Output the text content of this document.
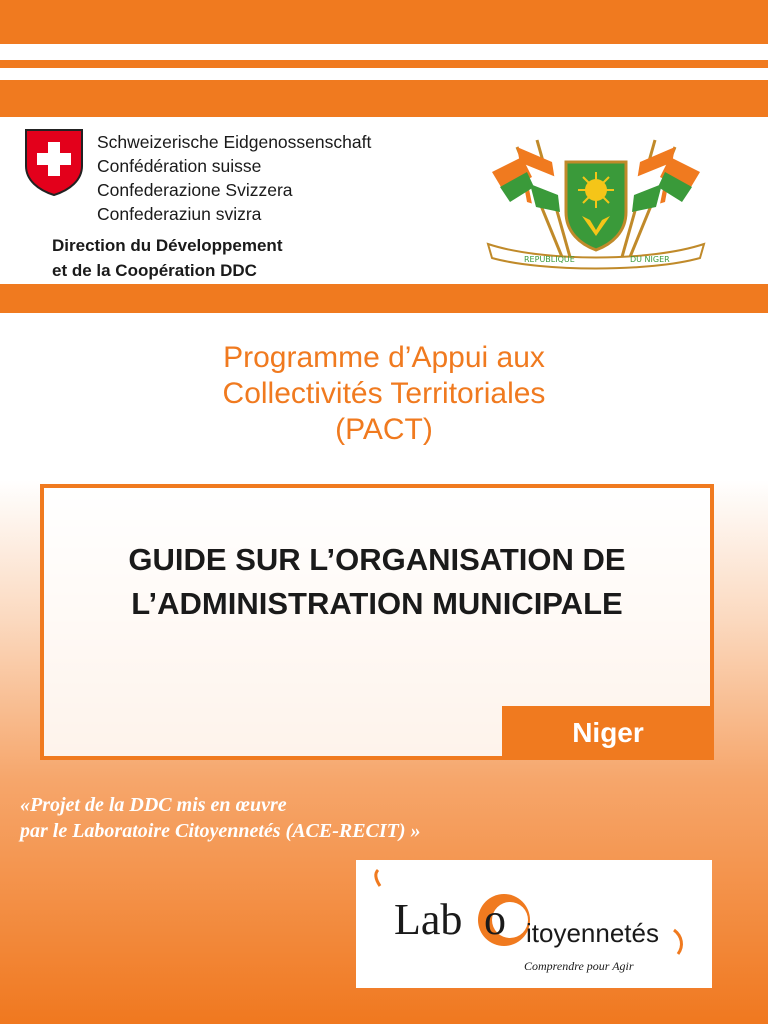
Schweizerische Eidgenossenschaft
Confédération suisse
Confederazione Svizzera
Confederaziun svizra
Direction du Développement
et de la Coopération DDC
REPUBLIQUE	DU NIGER
Programme d’Appui aux
Collectivités Territoriales
(PACT)
GUIDE SUR L’ORGANISATION DE
L’ADMINISTRATION MUNICIPALE
Niger
«Projet de la DDC mis en œuvre
par le Laboratoire Citoyennetés (ACE-RECIT) »
Lab o itoyennetés
Comprendre pour Agir
